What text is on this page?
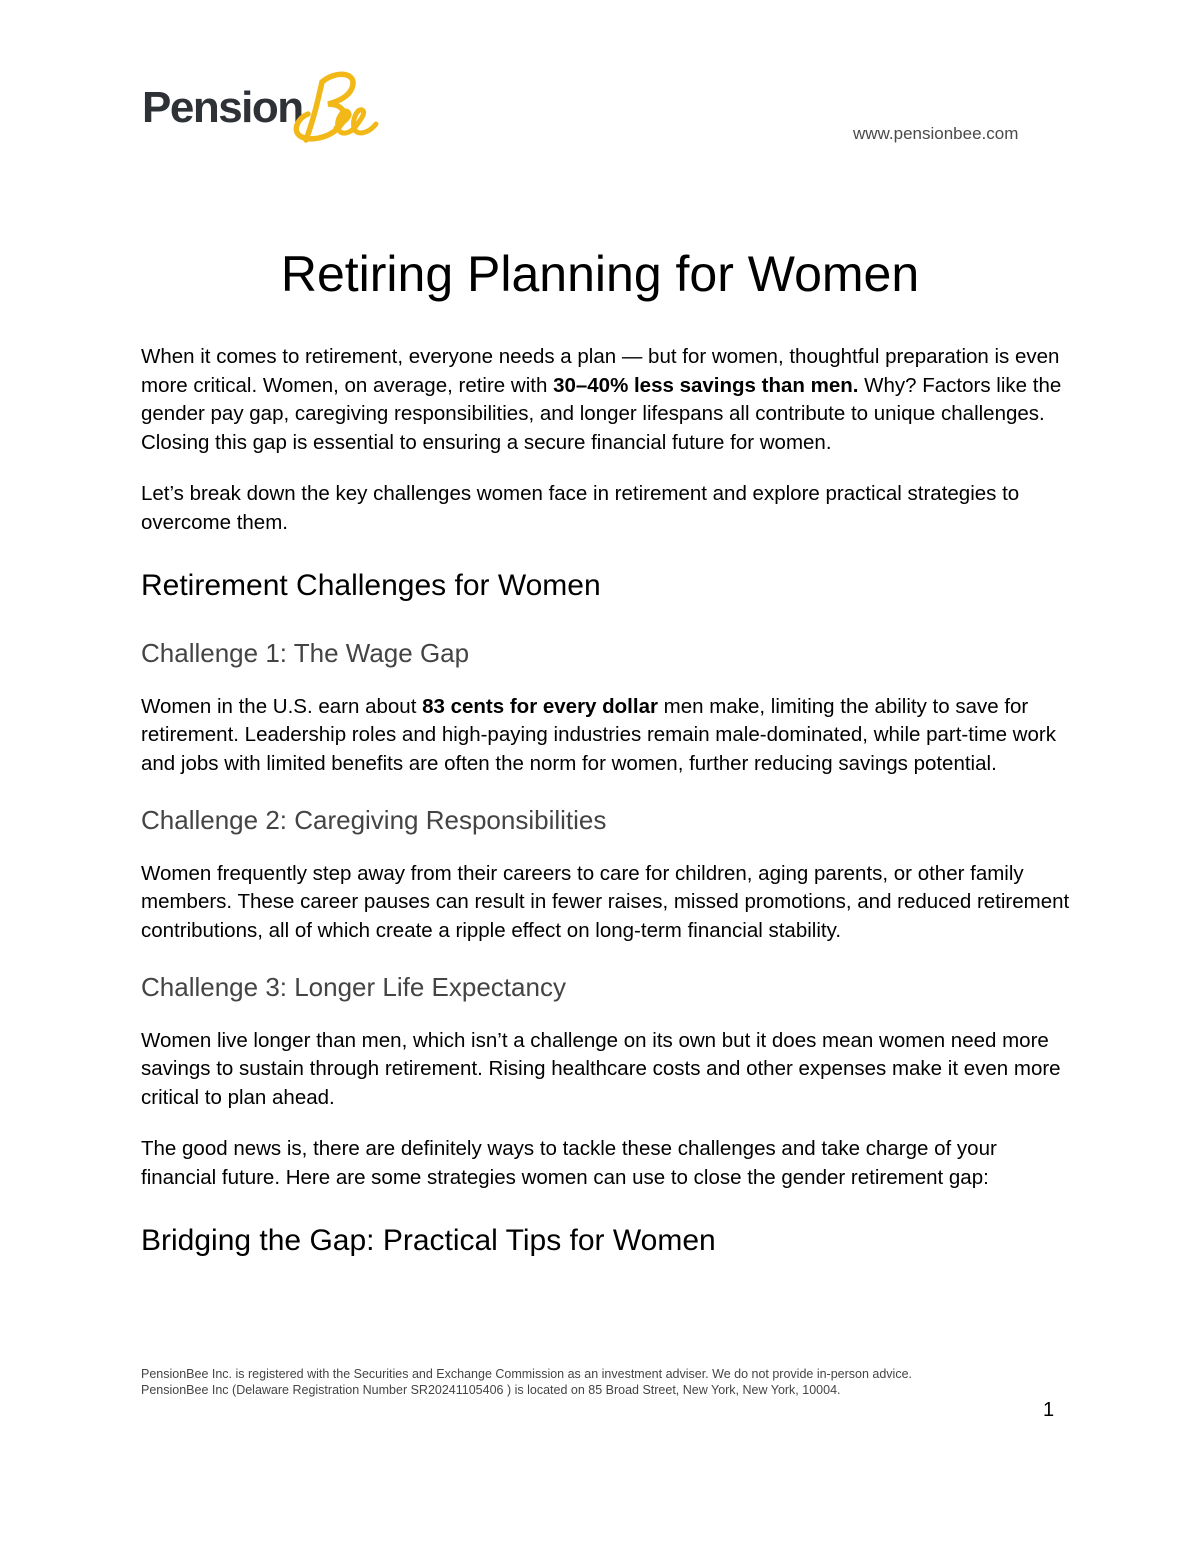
Pension
www.pensionbee.com
Retiring Planning for Women

When it comes to retirement, everyone needs a plan — but for women, thoughtful preparation is even more critical. Women, on average, retire with 30–40% less savings than men. Why? Factors like the gender pay gap, caregiving responsibilities, and longer lifespans all contribute to unique challenges. Closing this gap is essential to ensuring a secure financial future for women.

Let’s break down the key challenges women face in retirement and explore practical strategies to overcome them.

Retirement Challenges for Women
Challenge 1: The Wage Gap

Women in the U.S. earn about 83 cents for every dollar men make, limiting the ability to save for retirement. Leadership roles and high-paying industries remain male-dominated, while part-time work and jobs with limited benefits are often the norm for women, further reducing savings potential.

Challenge 2: Caregiving Responsibilities

Women frequently step away from their careers to care for children, aging parents, or other family members. These career pauses can result in fewer raises, missed promotions, and reduced retirement contributions, all of which create a ripple effect on long-term financial stability.

Challenge 3: Longer Life Expectancy

Women live longer than men, which isn’t a challenge on its own but it does mean women need more savings to sustain through retirement. Rising healthcare costs and other expenses make it even more critical to plan ahead.

The good news is, there are definitely ways to tackle these challenges and take charge of your financial future. Here are some strategies women can use to close the gender retirement gap:

Bridging the Gap: Practical Tips for Women
PensionBee Inc. is registered with the Securities and Exchange Commission as an investment adviser. We do not provide in-person advice.
PensionBee Inc (Delaware Registration Number SR20241105406 ) is located on 85 Broad Street, New York, New York, 10004.
1
